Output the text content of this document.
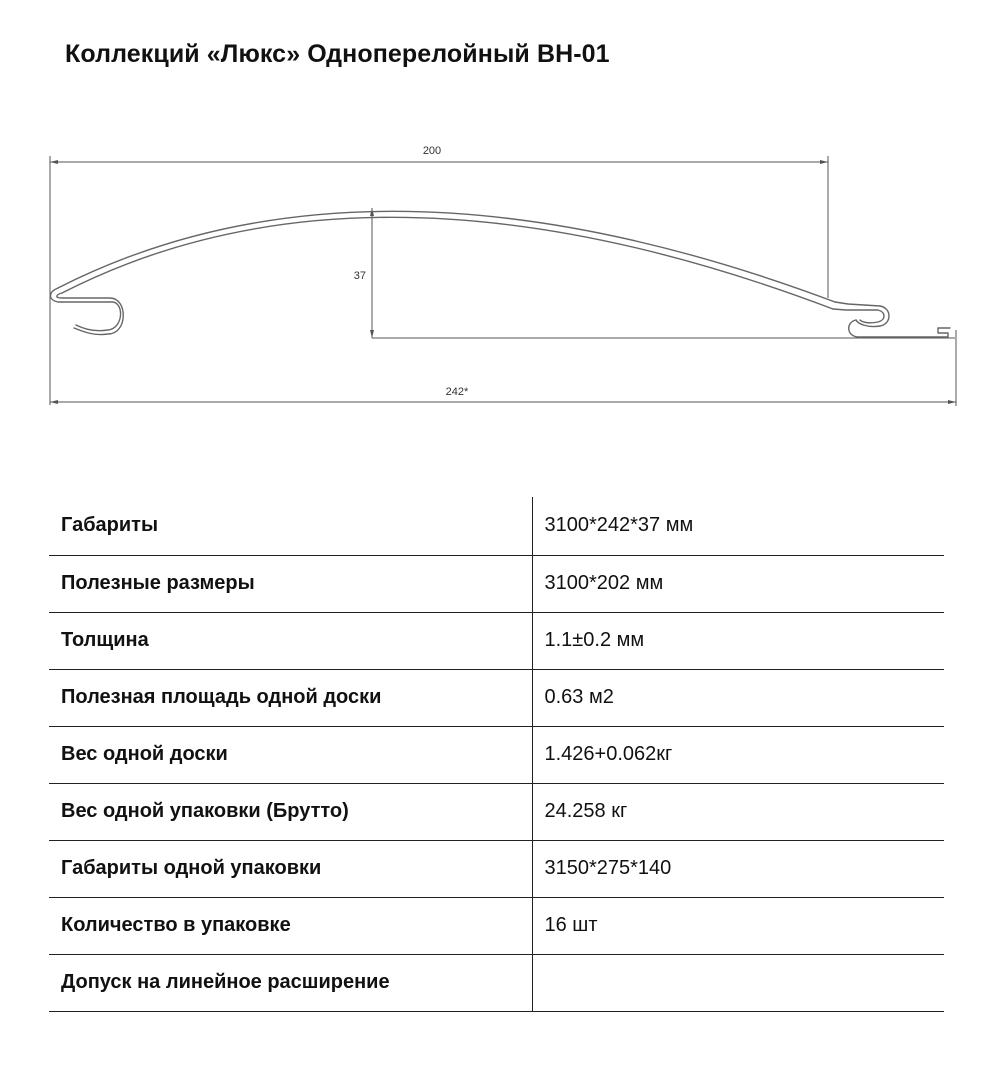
Коллекций «Люкс» Одноперелойный ВН-01
200
37
242*
Габариты	3100*242*37 мм
Полезные размеры	3100*202 мм
Толщина	1.1±0.2 мм
Полезная площадь одной доски	0.63 м2
Вес одной доски	1.426+0.062кг
Вес одной упаковки (Брутто)	24.258 кг
Габариты одной упаковки	3150*275*140
Количество в упаковке	16 шт
Допуск на линейное расширение	
